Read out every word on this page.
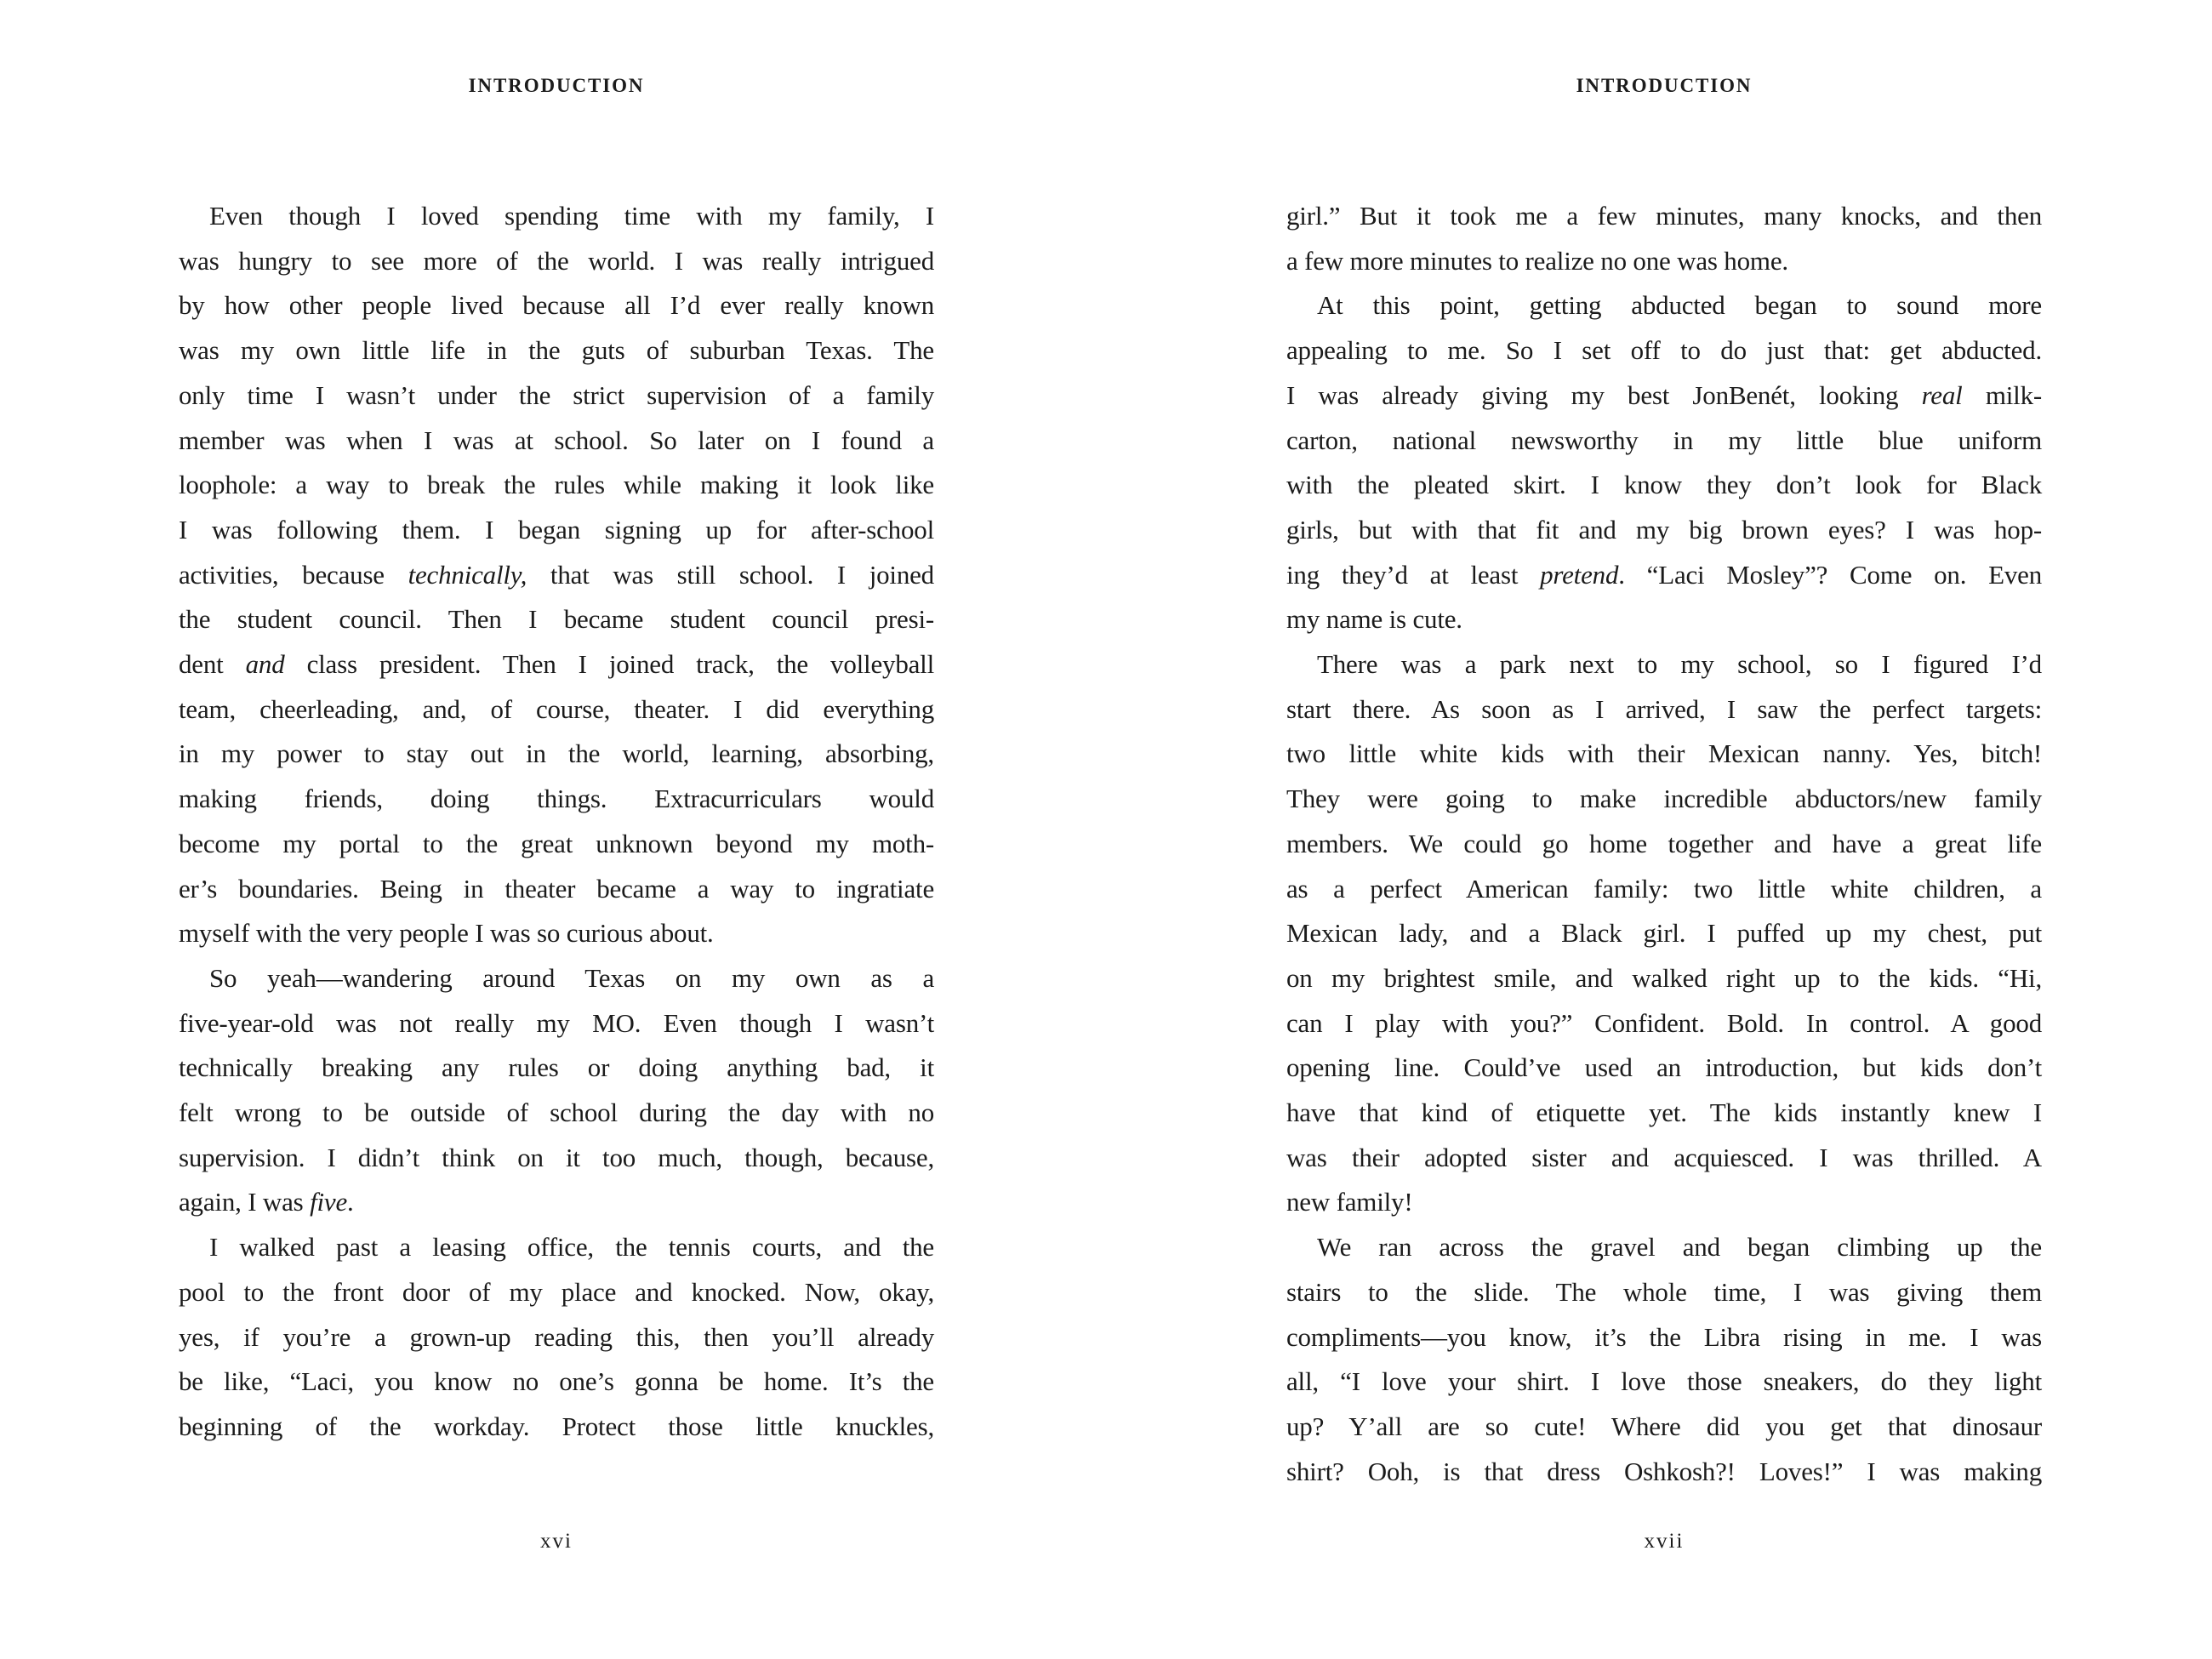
INTRODUCTION
Even though I loved spending time with my family, I
was hungry to see more of the world. I was really intrigued
by how other people lived because all I’d ever really known
was my own little life in the guts of suburban Texas. The
only time I wasn’t under the strict supervision of a family
member was when I was at school. So later on I found a
loophole: a way to break the rules while making it look like
I was following them. I began signing up for after-school
activities, because technically, that was still school. I joined
the student council. Then I became student council presi-
dent and class president. Then I joined track, the volleyball
team, cheerleading, and, of course, theater. I did everything
in my power to stay out in the world, learning, absorbing,
making friends, doing things. Extracurriculars would
become my portal to the great unknown beyond my moth-
er’s boundaries. Being in theater became a way to ingratiate
myself with the very people I was so curious about.
So yeah—wandering around Texas on my own as a
five-year-old was not really my MO. Even though I wasn’t
technically breaking any rules or doing anything bad, it
felt wrong to be outside of school during the day with no
supervision. I didn’t think on it too much, though, because,
again, I was five.
I walked past a leasing office, the tennis courts, and the
pool to the front door of my place and knocked. Now, okay,
yes, if you’re a grown-up reading this, then you’ll already
be like, “Laci, you know no one’s gonna be home. It’s the
beginning of the workday. Protect those little knuckles,
xvi
INTRODUCTION
girl.” But it took me a few minutes, many knocks, and then
a few more minutes to realize no one was home.
At this point, getting abducted began to sound more
appealing to me. So I set off to do just that: get abducted.
I was already giving my best JonBenét, looking real milk-
carton, national newsworthy in my little blue uniform
with the pleated skirt. I know they don’t look for Black
girls, but with that fit and my big brown eyes? I was hop-
ing they’d at least pretend. “Laci Mosley”? Come on. Even
my name is cute.
There was a park next to my school, so I figured I’d
start there. As soon as I arrived, I saw the perfect targets:
two little white kids with their Mexican nanny. Yes, bitch!
They were going to make incredible abductors/new family
members. We could go home together and have a great life
as a perfect American family: two little white children, a
Mexican lady, and a Black girl. I puffed up my chest, put
on my brightest smile, and walked right up to the kids. “Hi,
can I play with you?” Confident. Bold. In control. A good
opening line. Could’ve used an introduction, but kids don’t
have that kind of etiquette yet. The kids instantly knew I
was their adopted sister and acquiesced. I was thrilled. A
new family!
We ran across the gravel and began climbing up the
stairs to the slide. The whole time, I was giving them
compliments—you know, it’s the Libra rising in me. I was
all, “I love your shirt. I love those sneakers, do they light
up? Y’all are so cute! Where did you get that dinosaur
shirt? Ooh, is that dress Oshkosh?! Loves!” I was making
xvii
